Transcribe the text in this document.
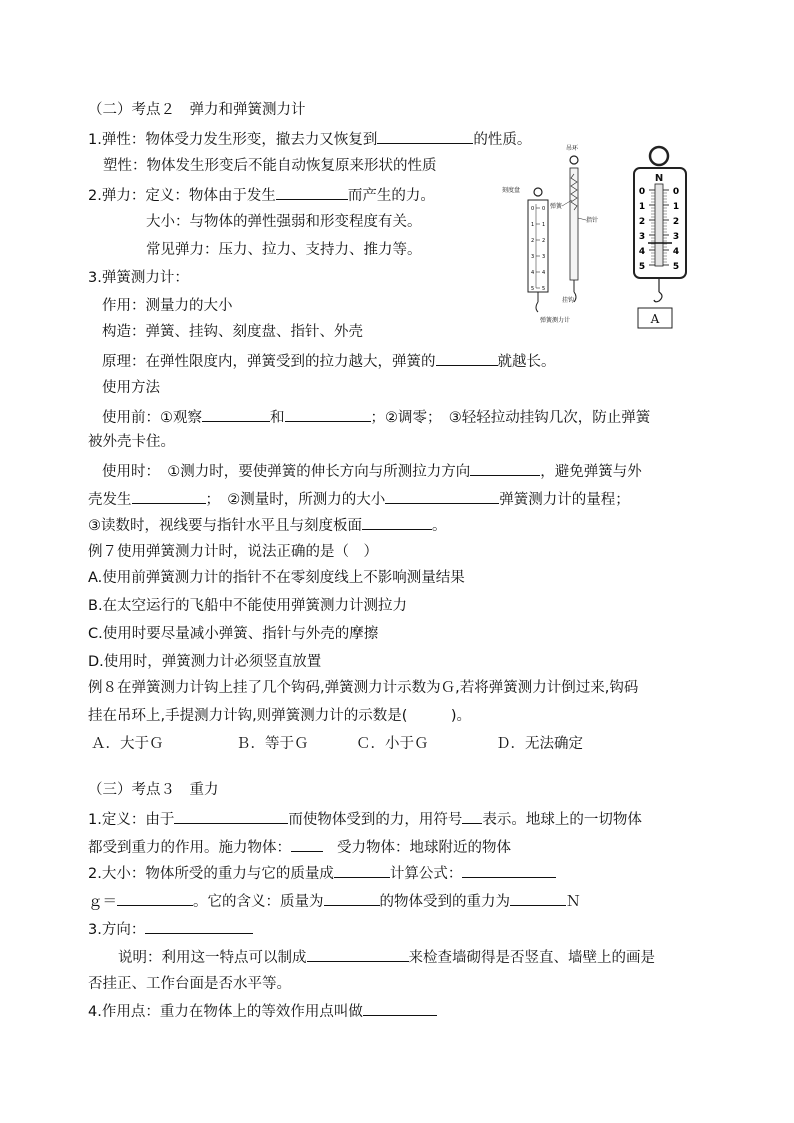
（二）考点２　弹力和弹簧测力计
1.弹性：物体受力发生形变，撤去力又恢复到	的性质。
塑性：物体发生形变后不能自动恢复原来形状的性质
2.弹力：定义：物体由于发生	而产生的力。
大小：与物体的弹性强弱和形变程度有关。
常见弹力：压力、拉力、支持力、推力等。
3.弹簧测力计：
作用：测量力的大小
构造：弹簧、挂钩、刻度盘、指针、外壳
原理：在弹性限度内，弹簧受到的拉力越大，弹簧的	就越长。
使用方法
使用前：①观察	和	；②调零；　③轻轻拉动挂钩几次，防止弹簧
被外壳卡住。
使用时：　①测力时，要使弹簧的伸长方向与所测拉力方向	，避免弹簧与外
壳发生	；　②测量时，所测力的大小	弹簧测力计的量程；
③读数时，视线要与指针水平且与刻度板面	。
例７使用弹簧测力计时，说法正确的是（　）
A.使用前弹簧测力计的指针不在零刻度线上不影响测量结果
B.在太空运行的飞船中不能使用弹簧测力计测拉力
C.使用时要尽量减小弹簧、指针与外壳的摩擦
D.使用时，弹簧测力计必须竖直放置
例８在弹簧测力计钩上挂了几个钩码,弹簧测力计示数为Ｇ,若将弹簧测力计倒过来,钩码
挂在吊环上,手提测力计钩,则弹簧测力计的示数是(　　　)。
Ａ．大于Ｇ	Ｂ．等于Ｇ	Ｃ．小于Ｇ	Ｄ．无法确定
（三）考点３　重力
1.定义：由于	而使物体受到的力，用符号 表示。地球上的一切物体
都受到重力的作用。施力物体：	受力物体：地球附近的物体
2.大小：物体所受的重力与它的质量成	计算公式：
ｇ＝	。它的含义：质量为	的物体受到的重力为	Ｎ
3.方向：
说明：利用这一特点可以制成	来检查墙砌得是否竖直、墙壁上的画是
否挂正、工作台面是否水平等。
4.作用点：重力在物体上的等效作用点叫做
刻度盘
0 0
1 1
2 2
3 3
4 4
5 5
吊环
弹簧
指针
挂钩
弹簧测力计
N
0	0
1	1
2	2
3	3
4	4
5	5
A
